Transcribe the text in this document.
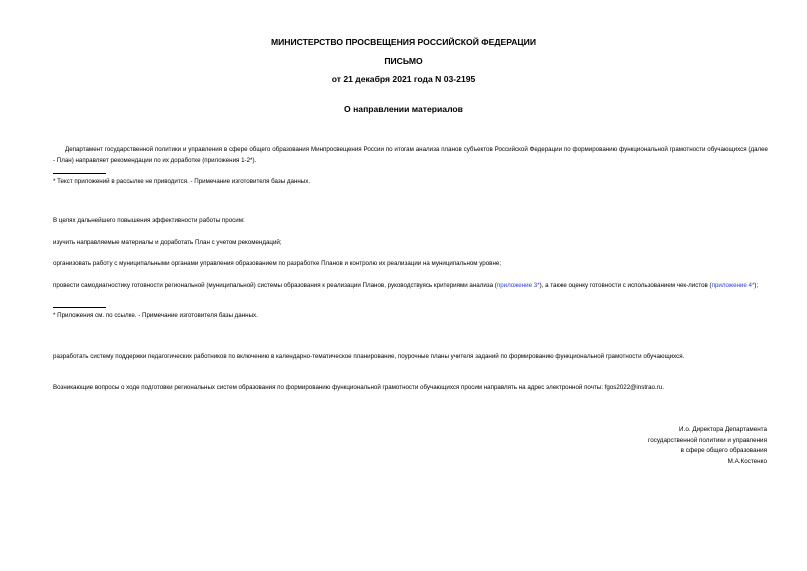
МИНИСТЕРСТВО ПРОСВЕЩЕНИЯ РОССИЙСКОЙ ФЕДЕРАЦИИ
ПИСЬМО
от 21 декабря 2021 года N 03-2195
О направлении материалов
Департамент государственной политики и управления в сфере общего образования Минпросвещения России по итогам анализа планов субъектов Российской Федерации по формированию функциональной грамотности обучающихся (далее - План) направляет рекомендации по их доработке (приложения 1-2*).
* Текст приложений в рассылке не приводится. - Примечание изготовителя базы данных.
В целях дальнейшего повышения эффективности работы просим:
изучить направляемые материалы и доработать План с учетом рекомендаций;
организовать работу с муниципальными органами управления образованием по разработке Планов и контролю их реализации на муниципальном уровне;
провести самодиагностику готовности региональной (муниципальной) системы образования к реализации Планов, руководствуясь критериями анализа (приложение 3*), а также оценку готовности с использованием чек-листов (приложение 4*);
* Приложения см. по ссылке. - Примечание изготовителя базы данных.
разработать систему поддержки педагогических работников по включению в календарно-тематическое планирование, поурочные планы учителя заданий по формированию функциональной грамотности обучающихся.
Возникающие вопросы о ходе подготовки региональных систем образования по формированию функциональной грамотности обучающихся просим направлять на адрес электронной почты: fgos2022@instrao.ru.
И.о. Директора Департамента
государственной политики и управления
в сфере общего образования
М.А.Костенко
